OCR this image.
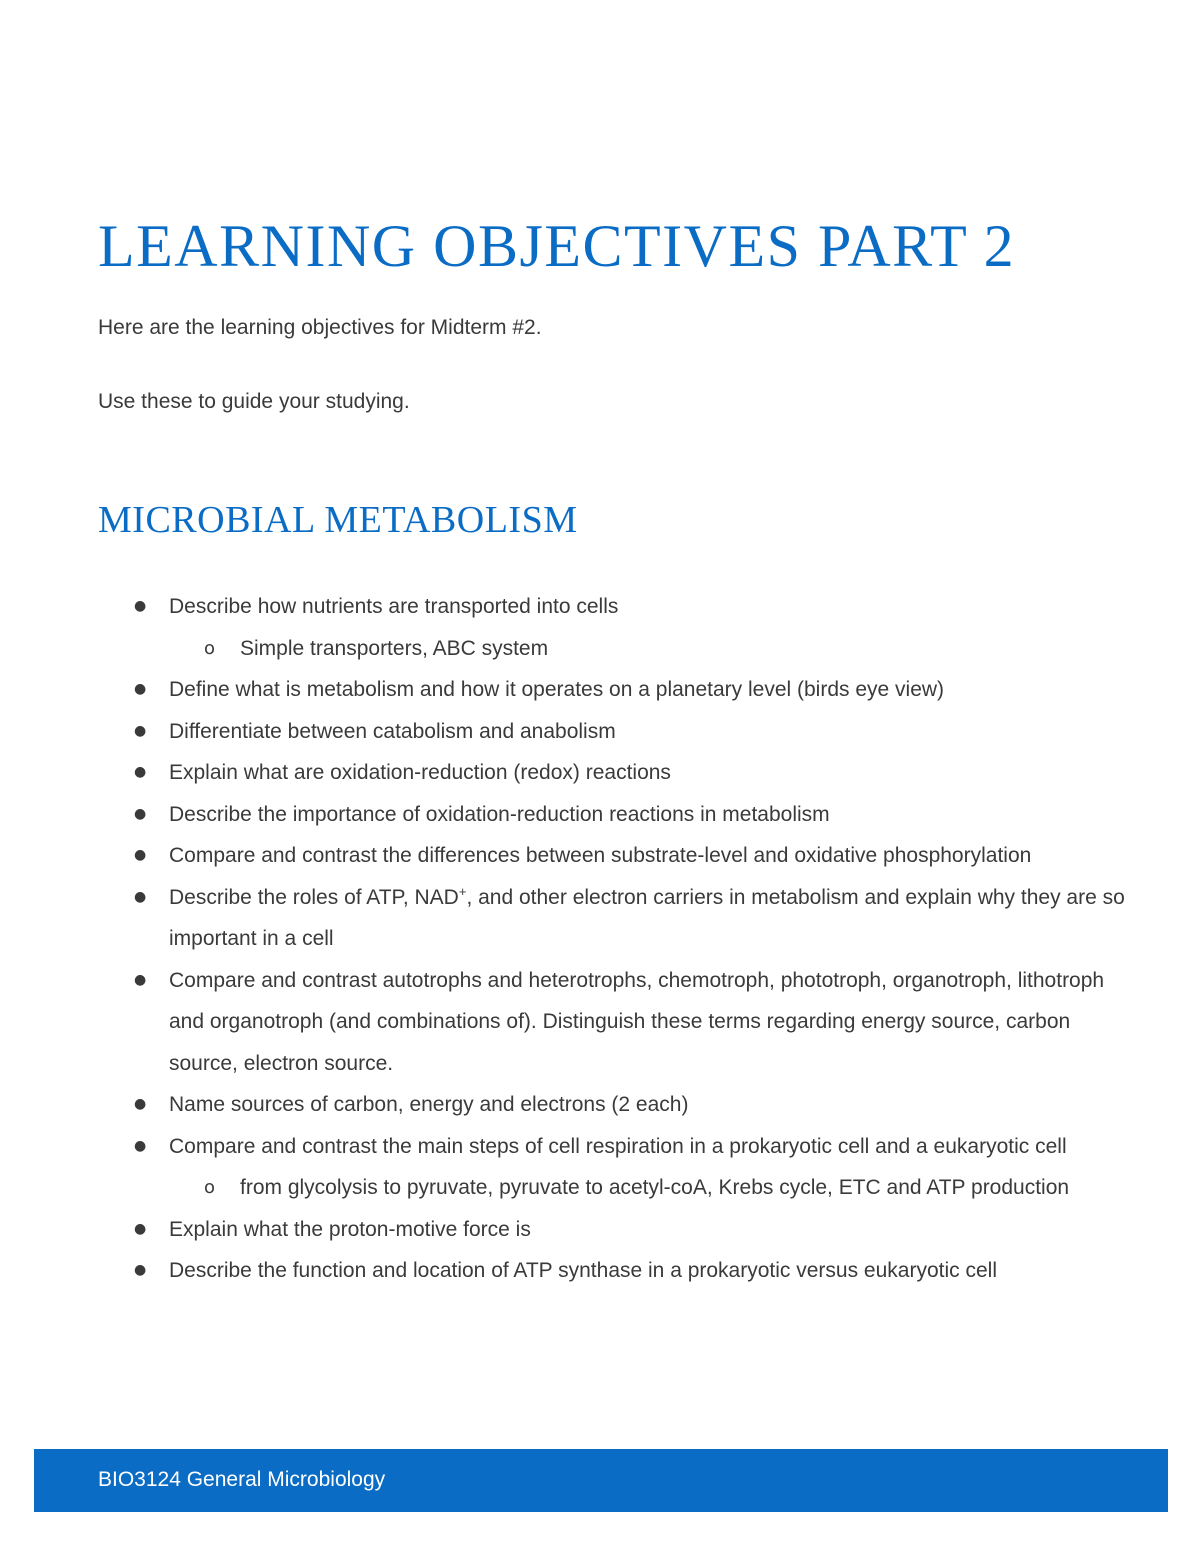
LEARNING OBJECTIVES PART 2

Here are the learning objectives for Midterm #2.

Use these to guide your studying.

MICROBIAL METABOLISM
● Describe how nutrients are transported into cells
o Simple transporters, ABC system
● Define what is metabolism and how it operates on a planetary level (birds eye view)
● Differentiate between catabolism and anabolism
● Explain what are oxidation-reduction (redox) reactions
● Describe the importance of oxidation-reduction reactions in metabolism
● Compare and contrast the differences between substrate-level and oxidative phosphorylation
● Describe the roles of ATP, NAD+, and other electron carriers in metabolism and explain why they are so important in a cell
● Compare and contrast autotrophs and heterotrophs, chemotroph, phototroph, organotroph, lithotroph and organotroph (and combinations of). Distinguish these terms regarding energy source, carbon source, electron source.
● Name sources of carbon, energy and electrons (2 each)
● Compare and contrast the main steps of cell respiration in a prokaryotic cell and a eukaryotic cell
o from glycolysis to pyruvate, pyruvate to acetyl-coA, Krebs cycle, ETC and ATP production
● Explain what the proton-motive force is
● Describe the function and location of ATP synthase in a prokaryotic versus eukaryotic cell
BIO3124 General Microbiology
